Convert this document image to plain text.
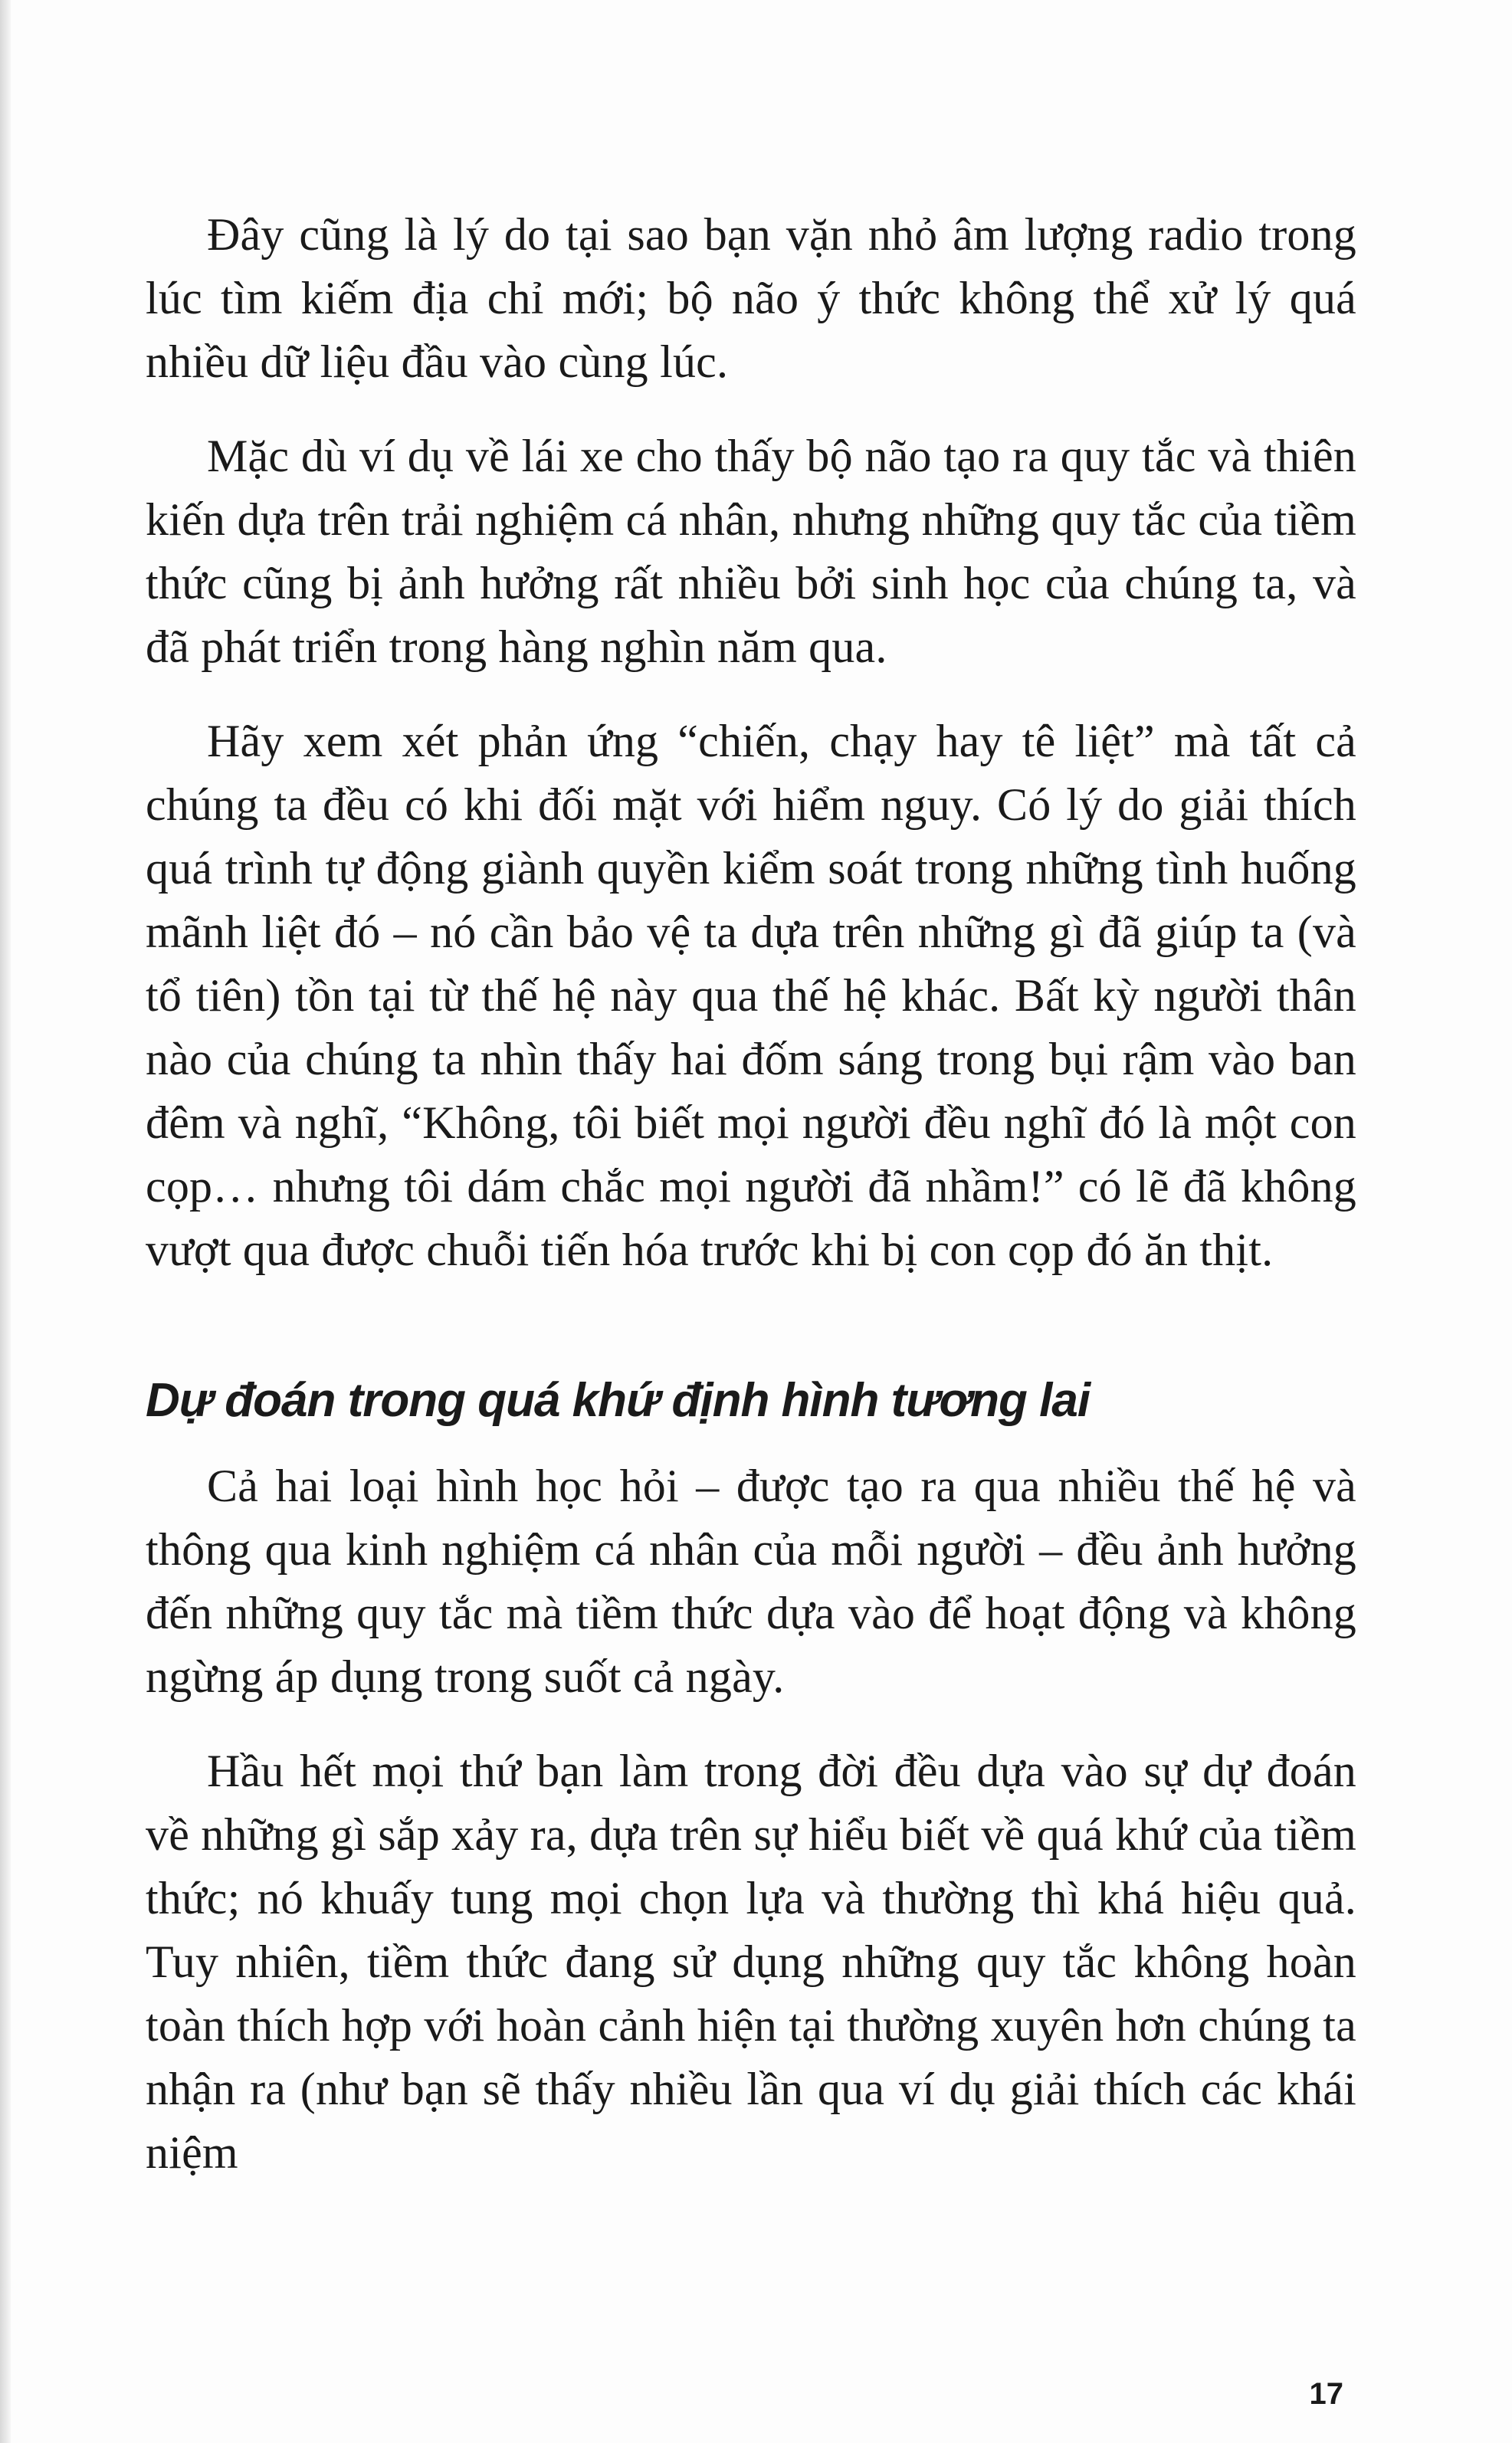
Đây cũng là lý do tại sao bạn vặn nhỏ âm lượng radio trong lúc tìm kiếm địa chỉ mới; bộ não ý thức không thể xử lý quá nhiều dữ liệu đầu vào cùng lúc.

Mặc dù ví dụ về lái xe cho thấy bộ não tạo ra quy tắc và thiên kiến dựa trên trải nghiệm cá nhân, nhưng những quy tắc của tiềm thức cũng bị ảnh hưởng rất nhiều bởi sinh học của chúng ta, và đã phát triển trong hàng nghìn năm qua.

Hãy xem xét phản ứng “chiến, chạy hay tê liệt” mà tất cả chúng ta đều có khi đối mặt với hiểm nguy. Có lý do giải thích quá trình tự động giành quyền kiểm soát trong những tình huống mãnh liệt đó – nó cần bảo vệ ta dựa trên những gì đã giúp ta (và tổ tiên) tồn tại từ thế hệ này qua thế hệ khác. Bất kỳ người thân nào của chúng ta nhìn thấy hai đốm sáng trong bụi rậm vào ban đêm và nghĩ, “Không, tôi biết mọi người đều nghĩ đó là một con cọp… nhưng tôi dám chắc mọi người đã nhầm!” có lẽ đã không vượt qua được chuỗi tiến hóa trước khi bị con cọp đó ăn thịt.

Dự đoán trong quá khứ định hình tương lai

Cả hai loại hình học hỏi – được tạo ra qua nhiều thế hệ và thông qua kinh nghiệm cá nhân của mỗi người – đều ảnh hưởng đến những quy tắc mà tiềm thức dựa vào để hoạt động và không ngừng áp dụng trong suốt cả ngày.

Hầu hết mọi thứ bạn làm trong đời đều dựa vào sự dự đoán về những gì sắp xảy ra, dựa trên sự hiểu biết về quá khứ của tiềm thức; nó khuấy tung mọi chọn lựa và thường thì khá hiệu quả. Tuy nhiên, tiềm thức đang sử dụng những quy tắc không hoàn toàn thích hợp với hoàn cảnh hiện tại thường xuyên hơn chúng ta nhận ra (như bạn sẽ thấy nhiều lần qua ví dụ giải thích các khái niệm

17
